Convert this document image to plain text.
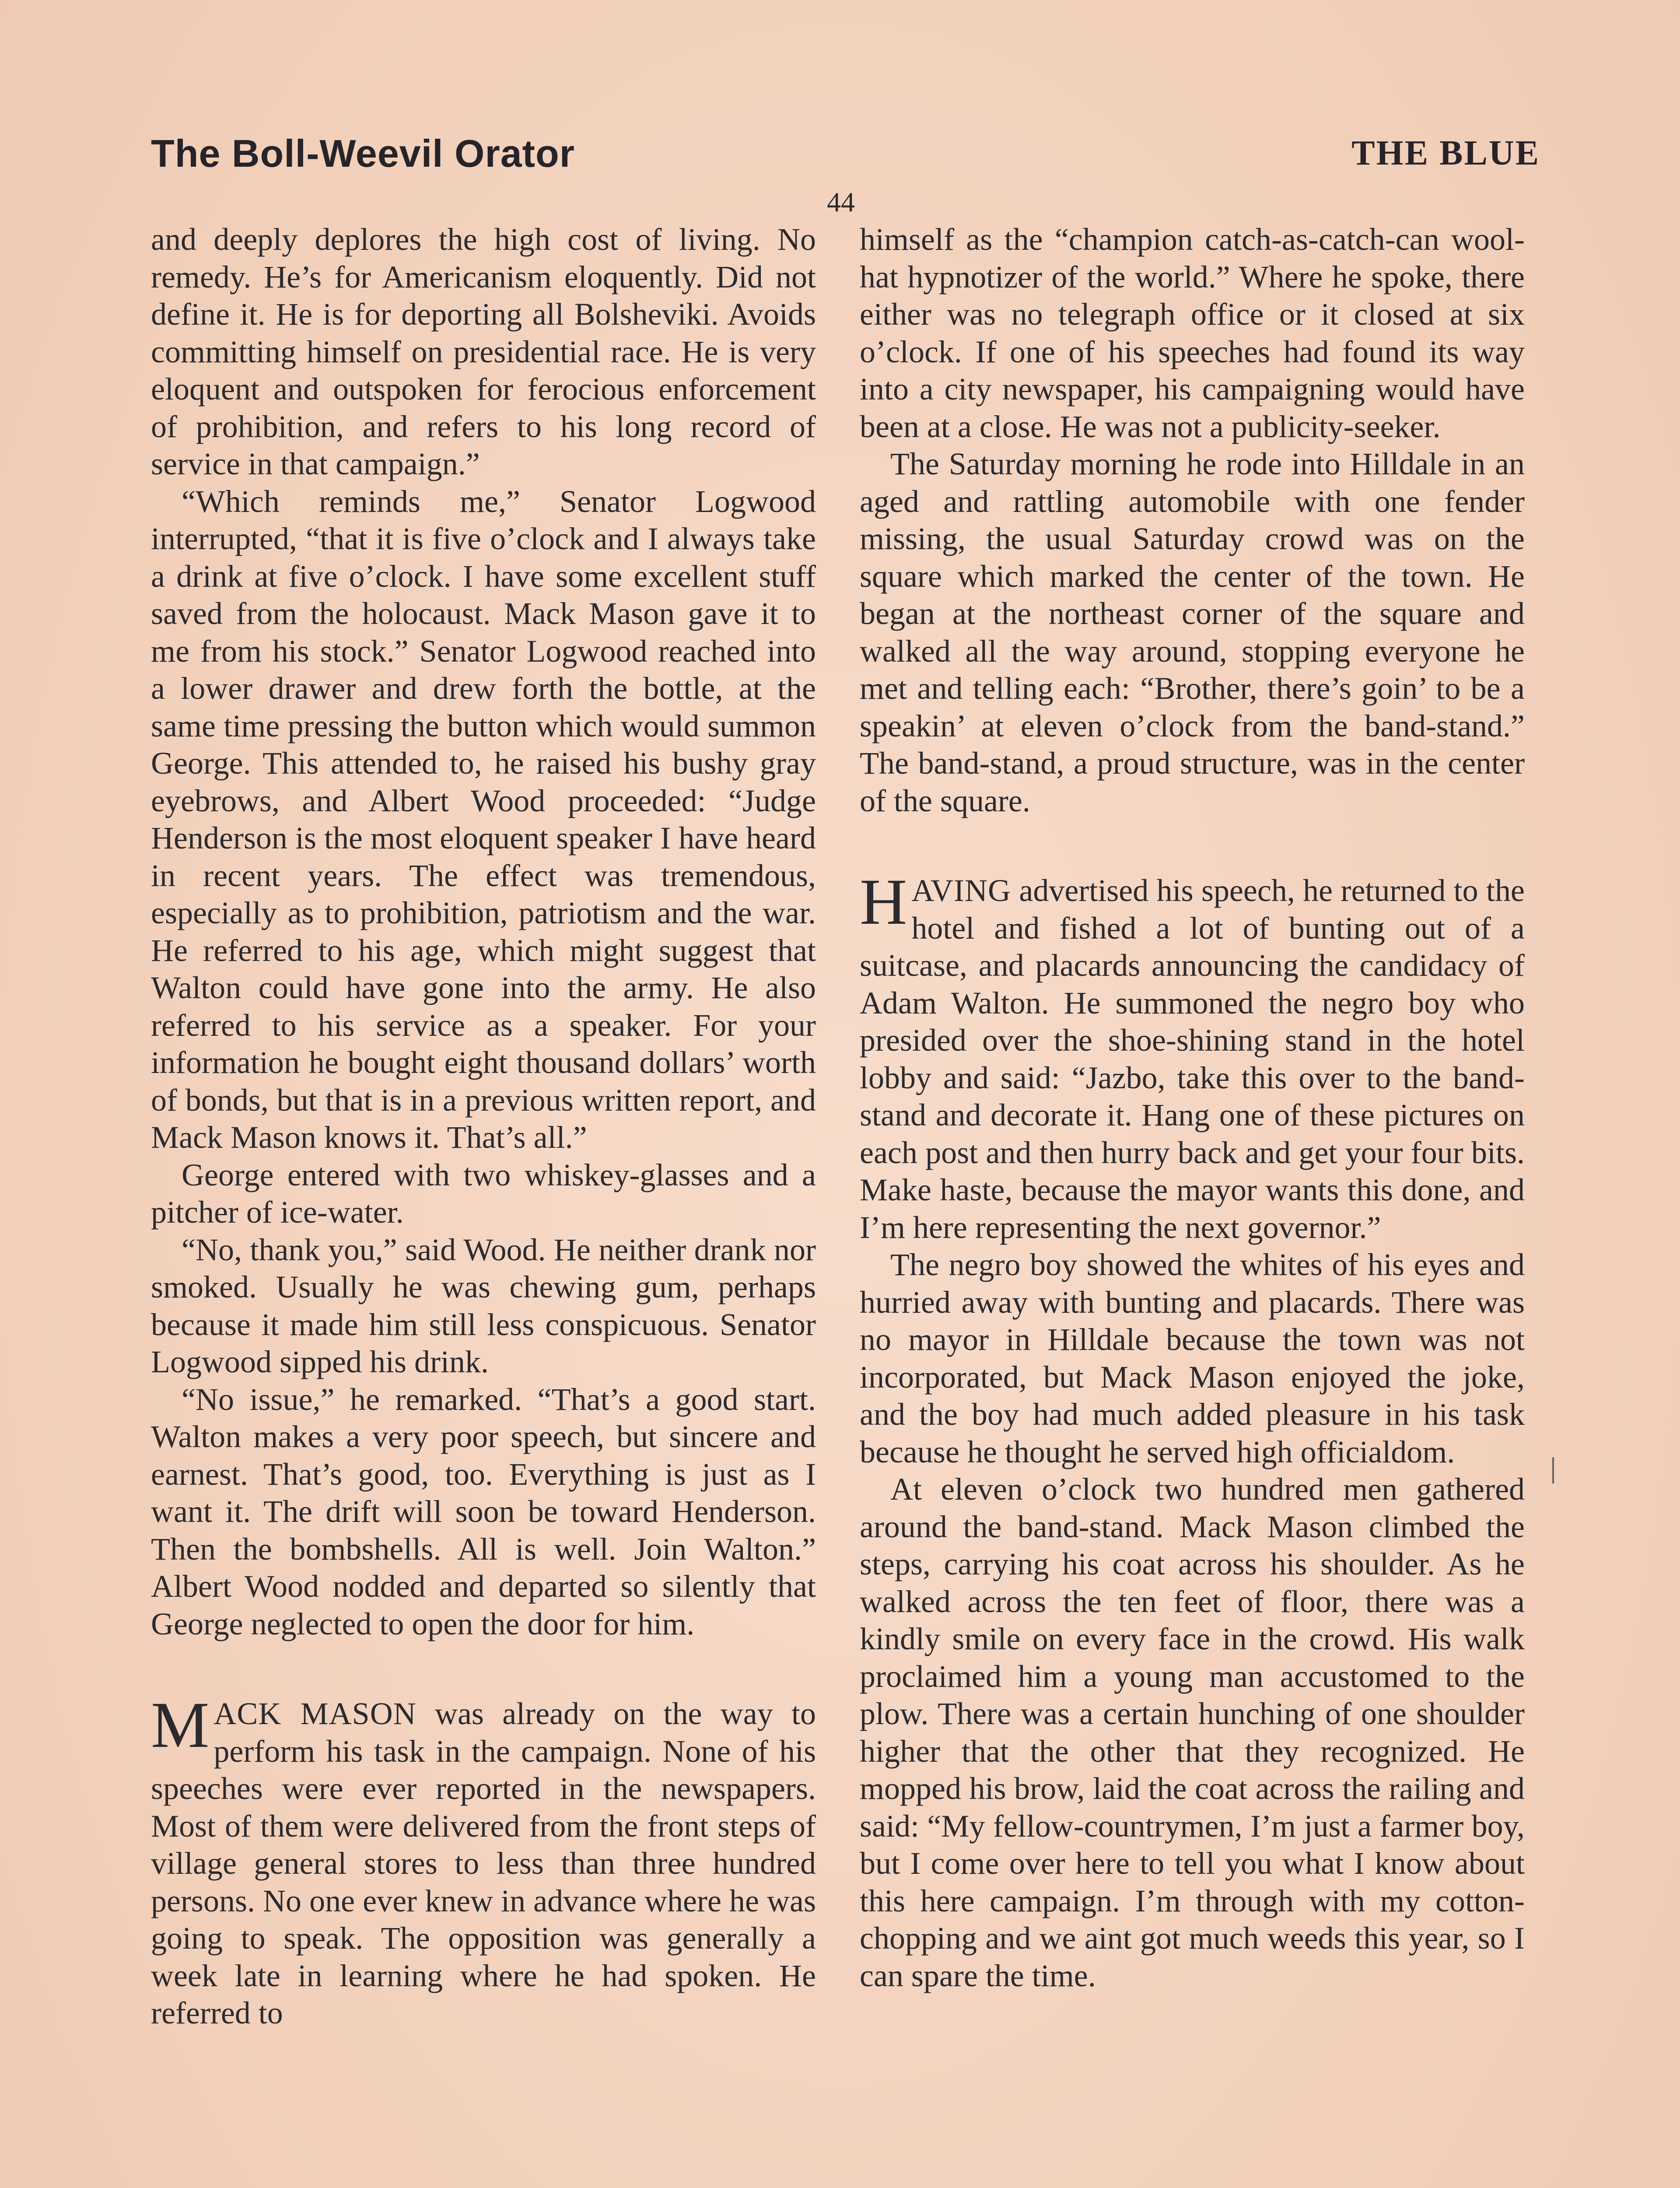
The Boll-Weevil Orator	THE BLUE
44

and deeply deplores the high cost of living. No remedy. He’s for Americanism eloquently. Did not define it. He is for deporting all Bolsheviki. Avoids committing himself on presidential race. He is very eloquent and outspoken for ferocious enforcement of prohibition, and refers to his long record of service in that campaign.”

“Which reminds me,” Senator Logwood interrupted, “that it is five o’clock and I always take a drink at five o’clock. I have some excellent stuff saved from the holocaust. Mack Mason gave it to me from his stock.” Senator Logwood reached into a lower drawer and drew forth the bottle, at the same time pressing the button which would summon George. This attended to, he raised his bushy gray eyebrows, and Albert Wood proceeded: “Judge Henderson is the most eloquent speaker I have heard in recent years. The effect was tremendous, especially as to prohibition, patriotism and the war. He referred to his age, which might suggest that Walton could have gone into the army. He also referred to his service as a speaker. For your information he bought eight thousand dollars’ worth of bonds, but that is in a previous written report, and Mack Mason knows it. That’s all.”

George entered with two whiskey-glasses and a pitcher of ice-water.

“No, thank you,” said Wood. He neither drank nor smoked. Usually he was chewing gum, perhaps because it made him still less conspicuous. Senator Logwood sipped his drink.

“No issue,” he remarked. “That’s a good start. Walton makes a very poor speech, but sincere and earnest. That’s good, too. Everything is just as I want it. The drift will soon be toward Henderson. Then the bombshells. All is well. Join Walton.” Albert Wood nodded and departed so silently that George neglected to open the door for him.

MACK MASON was already on the way to perform his task in the campaign. None of his speeches were ever reported in the newspapers. Most of them were delivered from the front steps of village general stores to less than three hundred persons. No one ever knew in advance where he was going to speak. The opposition was generally a week late in learning where he had spoken. He referred to

himself as the “champion catch-as-catch-can wool-hat hypnotizer of the world.” Where he spoke, there either was no telegraph office or it closed at six o’clock. If one of his speeches had found its way into a city newspaper, his campaigning would have been at a close. He was not a publicity-seeker.

The Saturday morning he rode into Hilldale in an aged and rattling automobile with one fender missing, the usual Saturday crowd was on the square which marked the center of the town. He began at the northeast corner of the square and walked all the way around, stopping everyone he met and telling each: “Brother, there’s goin’ to be a speakin’ at eleven o’clock from the band-stand.” The band-stand, a proud structure, was in the center of the square.

HAVING advertised his speech, he returned to the hotel and fished a lot of bunting out of a suitcase, and placards announcing the candidacy of Adam Walton. He summoned the negro boy who presided over the shoe-shining stand in the hotel lobby and said: “Jazbo, take this over to the band-stand and decorate it. Hang one of these pictures on each post and then hurry back and get your four bits. Make haste, because the mayor wants this done, and I’m here representing the next governor.”

The negro boy showed the whites of his eyes and hurried away with bunting and placards. There was no mayor in Hilldale because the town was not incorporated, but Mack Mason enjoyed the joke, and the boy had much added pleasure in his task because he thought he served high officialdom.

At eleven o’clock two hundred men gathered around the band-stand. Mack Mason climbed the steps, carrying his coat across his shoulder. As he walked across the ten feet of floor, there was a kindly smile on every face in the crowd. His walk proclaimed him a young man accustomed to the plow. There was a certain hunching of one shoulder higher that the other that they recognized. He mopped his brow, laid the coat across the railing and said: “My fellow-countrymen, I’m just a farmer boy, but I come over here to tell you what I know about this here campaign. I’m through with my cotton-chopping and we aint got much weeds this year, so I can spare the time.
